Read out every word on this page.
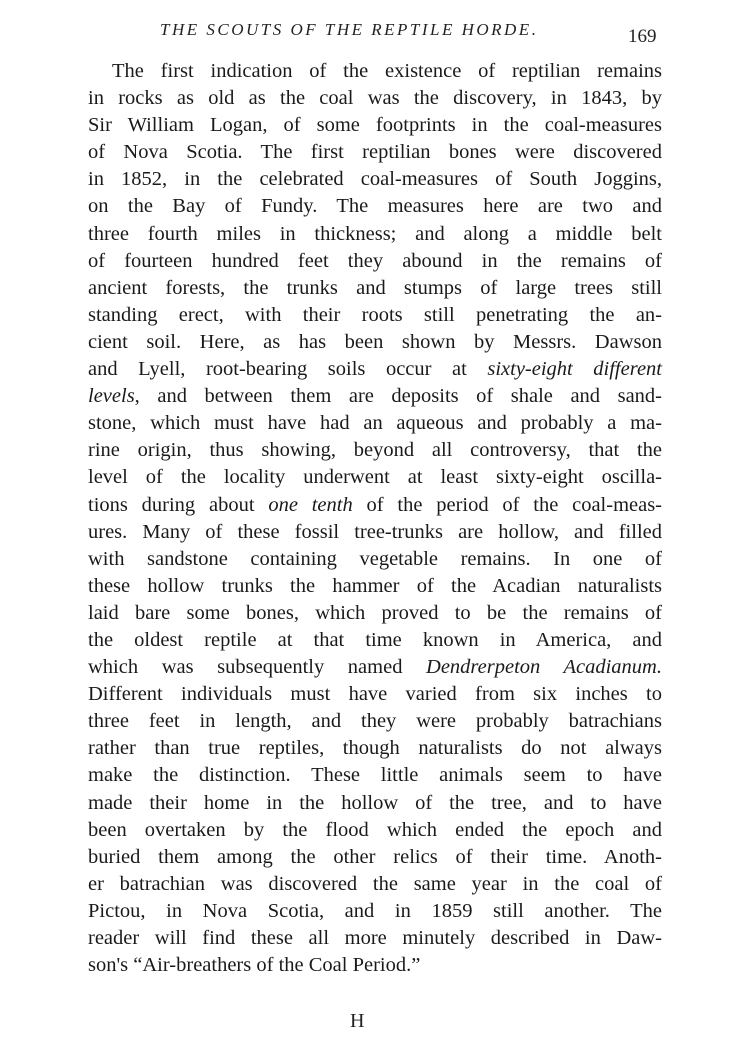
THE SCOUTS OF THE REPTILE HORDE.	169
The first indication of the existence of reptilian remains
in rocks as old as the coal was the discovery, in 1843, by
Sir William Logan, of some footprints in the coal-measures
of Nova Scotia. The first reptilian bones were discovered
in 1852, in the celebrated coal-measures of South Joggins,
on the Bay of Fundy. The measures here are two and
three fourth miles in thickness; and along a middle belt
of fourteen hundred feet they abound in the remains of
ancient forests, the trunks and stumps of large trees still
standing erect, with their roots still penetrating the an-
cient soil. Here, as has been shown by Messrs. Dawson
and Lyell, root-bearing soils occur at sixty-eight different
levels, and between them are deposits of shale and sand-
stone, which must have had an aqueous and probably a ma-
rine origin, thus showing, beyond all controversy, that the
level of the locality underwent at least sixty-eight oscilla-
tions during about one tenth of the period of the coal-meas-
ures. Many of these fossil tree-trunks are hollow, and filled
with sandstone containing vegetable remains. In one of
these hollow trunks the hammer of the Acadian naturalists
laid bare some bones, which proved to be the remains of
the oldest reptile at that time known in America, and
which was subsequently named Dendrerpeton Acadianum.
Different individuals must have varied from six inches to
three feet in length, and they were probably batrachians
rather than true reptiles, though naturalists do not always
make the distinction. These little animals seem to have
made their home in the hollow of the tree, and to have
been overtaken by the flood which ended the epoch and
buried them among the other relics of their time. Anoth-
er batrachian was discovered the same year in the coal of
Pictou, in Nova Scotia, and in 1859 still another. The
reader will find these all more minutely described in Daw-
son's “Air-breathers of the Coal Period.”
H
